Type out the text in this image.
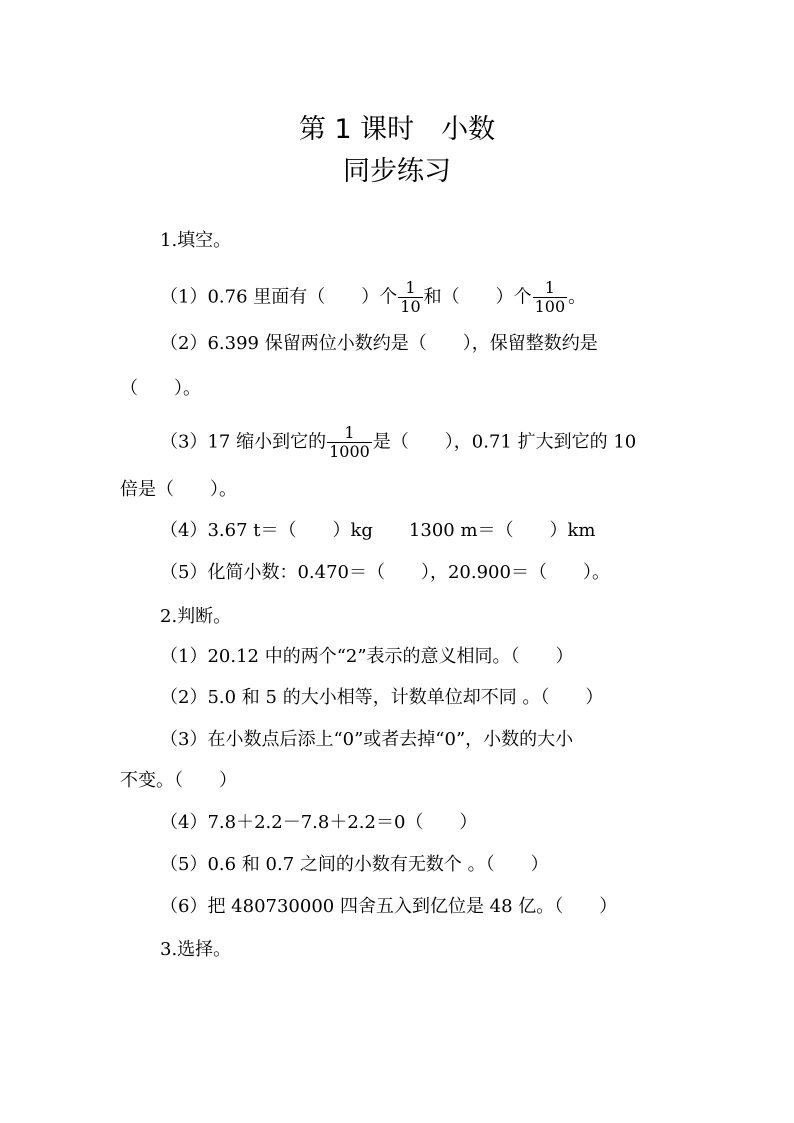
第 1 课时　小数
同步练习
1.填空。
（1）0.76 里面有（　　）个 $\frac{1}{10}$ 和（　　）个 $\frac{1}{100}$ 。
（2）6.399 保留两位小数约是（　　），保留整数约是
（　　）。
（3）17 缩小到它的 $\frac{1}{1000}$ 是（　　），0.71 扩大到它的 10
倍是（　　）。
（4）3.67 t＝（　　）kg　　1300 m＝（　　）km
（5）化简小数：0.470＝（　　），20.900＝（　　）。
2.判断。
（1）20.12 中的两个“2”表示的意义相同。（　　）
（2）5.0 和 5 的大小相等，计数单位却不同 。（　　）
（3）在小数点后添上“0”或者去掉“0”，小数的大小
不变。（　　）
（4）7.8＋2.2－7.8＋2.2＝0（　　）
（5）0.6 和 0.7 之间的小数有无数个 。（　　）
（6）把 480730000 四舍五入到亿位是 48 亿。（　　）
3.选择。
